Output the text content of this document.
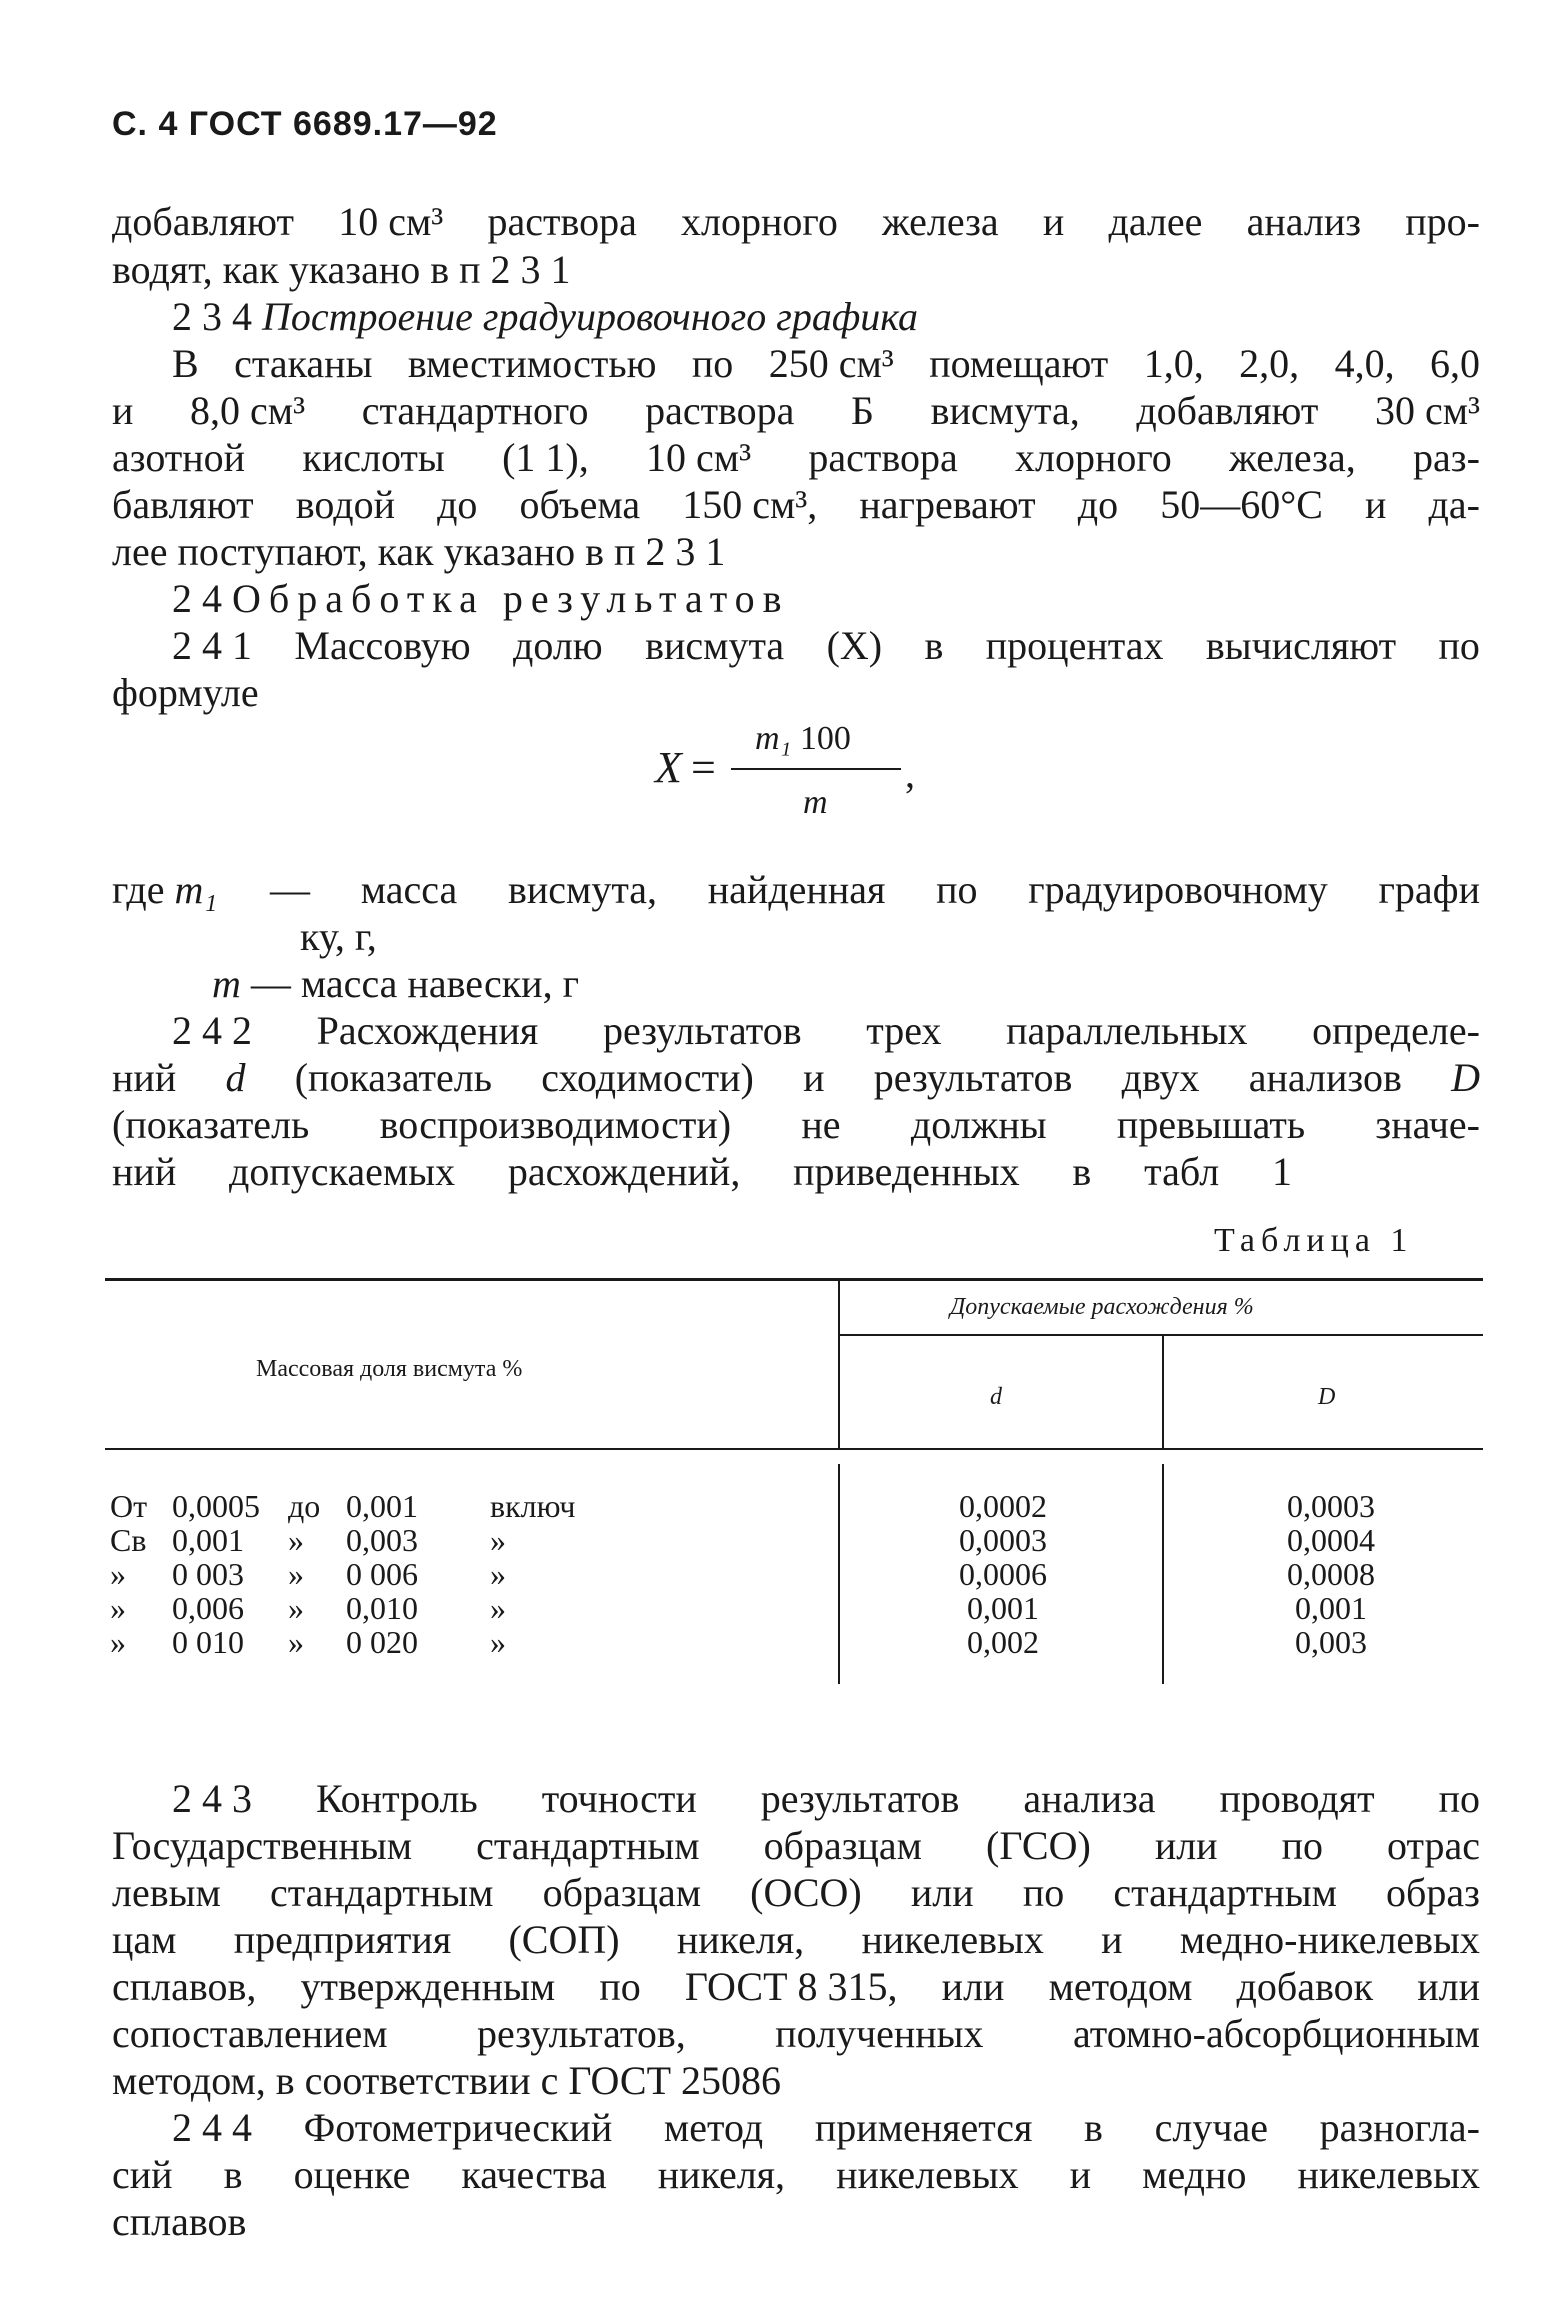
С. 4 ГОСТ 6689.17—92
добавляют 10 см³ раствора хлорного железа и далее анализ про-
водят, как указано в п 2 3 1
2 3 4 Построение градуировочного графика
В стаканы вместимостью по 250 см³ помещают 1,0, 2,0, 4,0, 6,0
и 8,0 см³ стандартного раствора Б висмута, добавляют 30 см³
азотной кислоты (1 1), 10 см³ раствора хлорного железа, раз-
бавляют водой до объема 150 см³, нагревают до 50—60°С и да-
лее поступают, как указано в п 2 3 1
2 4 Обработка результатов
2 4 1 Массовую долю висмута (X) в процентах вычисляют по
формуле
X =
m₁ 100
m
,
где m₁ — масса висмута, найденная по градуировочному графи
ку, г,
m — масса навески, г
2 4 2 Расхождения результатов трех параллельных определе-
ний d (показатель сходимости) и результатов двух анализов D
(показатель воспроизводимости) не должны превышать значе-
ний допускаемых расхождений, приведенных в табл 1
Таблица 1
Массовая доля висмута %
Допускаемые расхождения %
d	D
От 0,0005 до 0,001 включ	0,0002	0,0003
Св 0,001 » 0,003 »	0,0003	0,0004
» 0 003 » 0 006 »	0,0006	0,0008
» 0,006 » 0,010 »	0,001	0,001
» 0 010 » 0 020 »	0,002	0,003
2 4 3 Контроль точности результатов анализа проводят по
Государственным стандартным образцам (ГСО) или по отрас
левым стандартным образцам (ОСО) или по стандартным образ
цам предприятия (СОП) никеля, никелевых и медно-никелевых
сплавов, утвержденным по ГОСТ 8 315, или методом добавок или
сопоставлением результатов, полученных атомно-абсорбционным
методом, в соответствии с ГОСТ 25086
2 4 4 Фотометрический метод применяется в случае разногла-
сий в оценке качества никеля, никелевых и медно никелевых
сплавов
